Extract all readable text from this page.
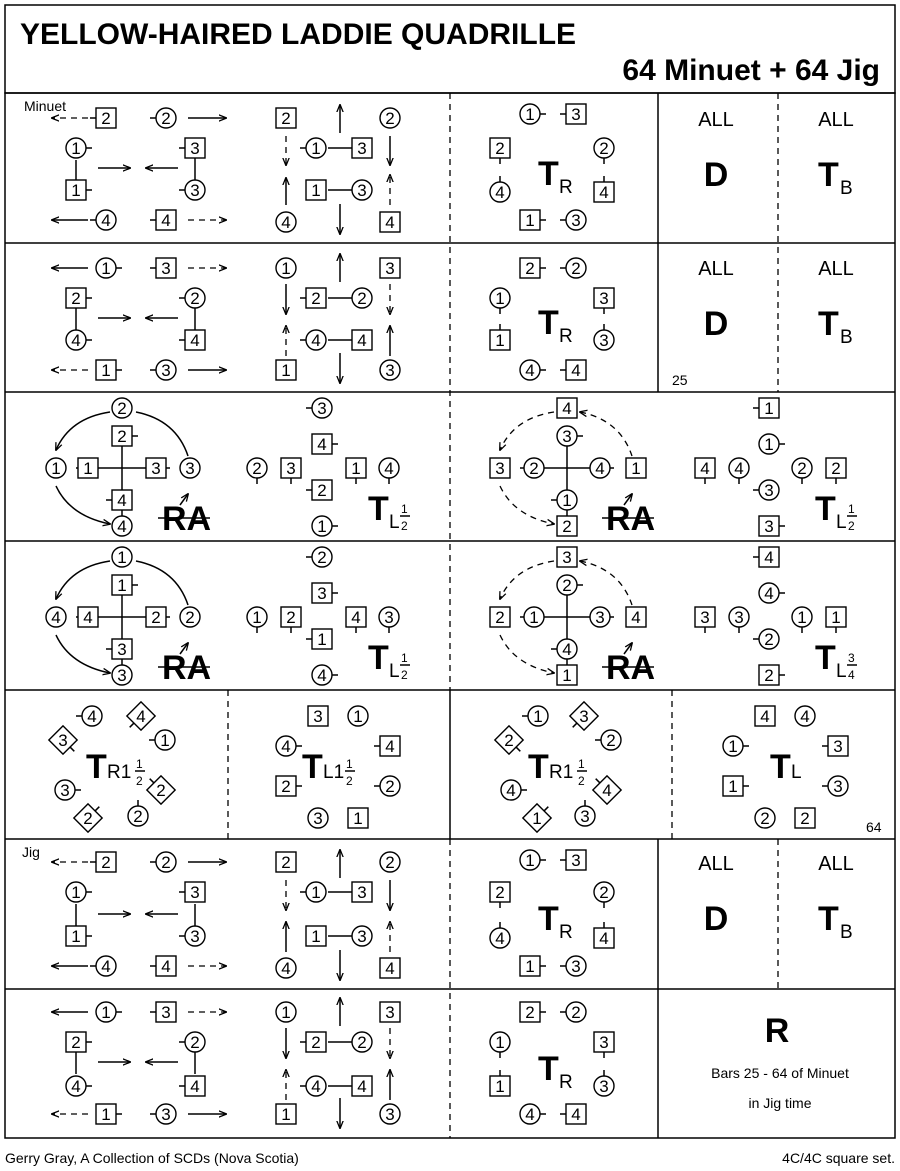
YELLOW-HAIRED LADDIE QUADRILLE
64 Minuet + 64 Jig
Minuet
Jig
25
64
ALL	ALL
D	T B
ALL	ALL
D	T B
ALL	ALL
D	T B
R
Bars 25 - 64 of Minuet
in Jig time
T R
T R
T R
T R
T L
1
2	T L
1
2
T L
1
2	T L
3
4
T R1 1
2	T L1 1
2	T R1 1
2	T L
RA	RA
RA	RA
2	2
1	3
1	3
4	4
2	2
1 3
1 3
4	4
1 3
2	2
4	4
1 3
1	3
2	2
4	4
1	3
1	3
2 2
4 4
1	3
2 2
1	3
1	3
4 4
2
2
1 1	3 3
4
4
3
4
2 3	1 4
2
1
4
3
3 2	4 1
1
2
1
1
4 4	2 2
3
3
1
1
4 4	2 2
3
3
2
3
1 2	4 3
1
4
3
2
2 1	3 4
4
1
4
4
3 3	1 1
2
2
4 4
3	1
3	2
2 2
3 1
4	4
2	2
3 1
1 3
2	2
4	4
1 3
4 4
1	3
1	3
2 2
2	2
1	3
1	3
4	4
2	2
1 3
1 3
4	4
1 3
2	2
4	4
1 3
1	3
2	2
4	4
1	3
1	3
2 2
4 4
1	3
2 2
1	3
1	3
4 4
Gerry Gray, A Collection of SCDs (Nova Scotia)	4C/4C square set.
